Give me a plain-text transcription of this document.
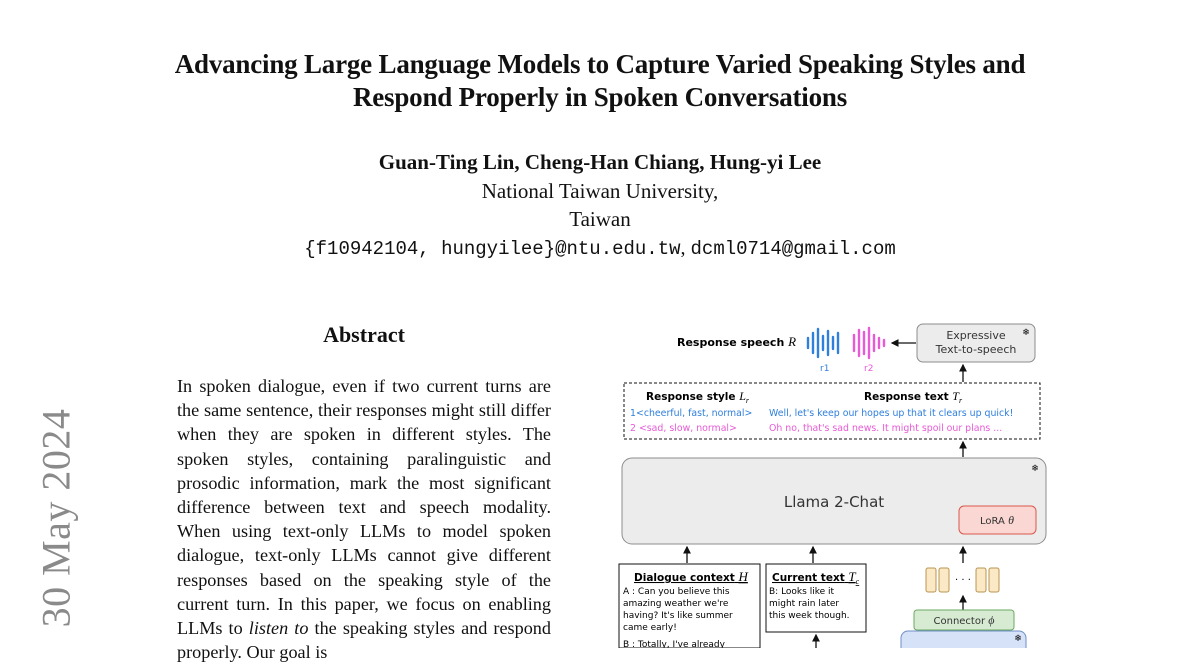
Advancing Large Language Models to Capture Varied Speaking Styles and
Respond Properly in Spoken Conversations
Guan-Ting Lin, Cheng-Han Chiang, Hung-yi Lee
National Taiwan University,
Taiwan
{f10942104, hungyilee}@ntu.edu.tw, dcml0714@gmail.com
30 May 2024
Abstract
In spoken dialogue, even if two current turns are the same sentence, their responses might still differ when they are spoken in different styles. The spoken styles, containing paralinguistic and prosodic information, mark the most significant difference between text and speech modality. When using text-only LLMs to model spoken dialogue, text-only LLMs cannot give different responses based on the speaking style of the current turn. In this paper, we focus on enabling LLMs to listen to the speaking styles and respond properly. Our goal is
Response speech R
r1	r2
Expressive
Text-to-speech
❄
Response style $L_r$	Response text $T_r$
1<cheerful, fast, normal>
2 <sad, slow, normal>
Well, let's keep our hopes up that it clears up quick!
Oh no, that's sad news. It might spoil our plans ...
Llama 2-Chat
❄
LoRA θ
Dialogue context H
A : Can you believe this
amazing weather we're
having? It's like summer
came early!
B : Totally, I've already
Current text $T_c$
B: Looks like it
might rain later
this week though.
· · ·
Connector ϕ
❄
